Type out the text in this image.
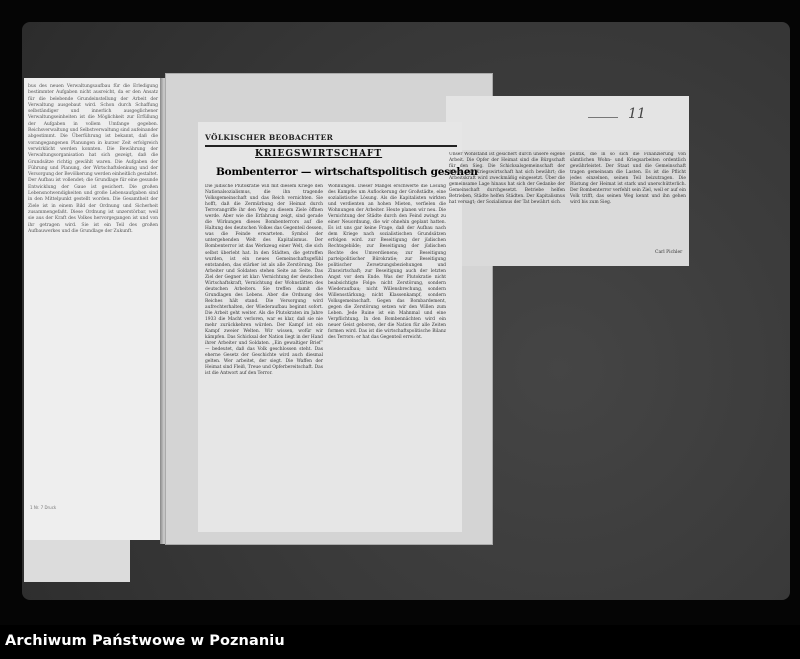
bus des neuen Verwaltungsaufbau für die Erledigung bestimmter Aufgaben nicht ausreicht, da er den Ansatz für die belebende Grundeinstellung der Arbeit der Verwaltung ausgebaut wird. Schon durch Schaffung selbständiger und innerlich ausgeglichener Verwaltungseinheiten ist die Möglichkeit zur Erfüllung der Aufgaben in vollem Umfange gegeben. Reichsverwaltung und Selbstverwaltung sind aufeinander abgestimmt. Die Überführung ist bekannt, daß die vorangegangenen Planungen in kurzer Zeit erfolgreich verwirklicht werden konnten. Die Bewährung der Verwaltungsorganisation hat sich gezeigt, daß die Grundsätze richtig gewählt waren. Die Aufgaben der Führung und Planung, der Wirtschaftslenkung und der Versorgung der Bevölkerung werden einheitlich gestaltet. Der Aufbau ist vollendet; die Grundlage für eine gesunde Entwicklung der Gaue ist gesichert. Die großen Lebensnotwendigkeiten und große Lebensaufgaben sind in den Mittelpunkt gestellt worden. Die Gesamtheit der Ziele ist in einem Bild der Ordnung und Sicherheit zusammengefaßt. Diese Ordnung ist unzerstörbar, weil sie aus der Kraft des Volkes hervorgegangen ist und von ihr getragen wird. Sie ist ein Teil des großen Aufbauwerkes und die Grundlage der Zukunft.
1 Nr. 7 Druck
11
VÖLKISCHER BEOBACHTER
KRIEGSWIRTSCHAFT
Bombenterror — wirtschaftspolitisch gesehen
Die jüdische Plutokratie will mit diesem Kriege den Nationalsozialismus, die ihn tragende Volksgemeinschaft und das Reich vernichten. Sie hofft, daß die Zermürbung der Heimat durch Terrorangriffe ihr den Weg zu diesem Ziele öffnen werde. Aber wie die Erfahrung zeigt, sind gerade die Wirkungen dieses Bombenterrors auf die Haltung des deutschen Volkes das Gegenteil dessen, was die Feinde erwarteten. Symbol der untergehenden Welt des Kapitalismus. Der Bombenterror ist das Werkzeug einer Welt, die sich selbst überlebt hat. In den Städten, die getroffen wurden, ist ein neues Gemeinschaftsgefühl entstanden, das stärker ist als alle Zerstörung. Die Arbeiter und Soldaten stehen Seite an Seite. Das Ziel der Gegner ist klar: Vernichtung der deutschen Wirtschaftskraft, Vernichtung der Wohnstätten des deutschen Arbeiters. Sie treffen damit die Grundlagen des Lebens. Aber die Ordnung des Reiches hält stand. Die Versorgung wird aufrechterhalten, der Wiederaufbau beginnt sofort. Die Arbeit geht weiter. Als die Plutokraten im Jahre 1933 die Macht verloren, war es klar, daß sie nie mehr zurückkehren würden. Der Kampf ist ein Kampf zweier Welten. Wir wissen, wofür wir kämpfen. Das Schicksal der Nation liegt in der Hand ihrer Arbeiter und Soldaten. „Ein gewaltiger Brief“ — bedeutet, daß das Volk geschlossen steht. Das eherne Gesetz der Geschichte wird auch diesmal gelten. Wer arbeitet, der siegt. Die Waffen der Heimat sind Fleiß, Treue und Opferbereitschaft. Das ist die Antwort auf den Terror.
Wohnungen. Dieser Mangel erschwerte die Lösung des Kampfes um Auflockerung der Großstädte, eine sozialistische Lösung. Als die Kapitalisten wirkten und verdienten an hohen Mieten, verfielen die Wohnungen der Arbeiter. Heute planen wir neu. Die Vernichtung der Städte durch den Feind zwingt zu einer Neuordnung, die wir ohnehin geplant hatten. Es ist uns gar keine Frage, daß der Aufbau nach dem Kriege nach sozialistischen Grundsätzen erfolgen wird. zur Beseitigung der jüdischen Rechtsgebilde; zur Beseitigung der jüdischen Rechte des Umverdienens; zur Beseitigung parteipolitischer Bürokratie; zur Beseitigung politischer Zersetzungsbeziehungen und Zinswirtschaft; zur Beseitigung auch der letzten Angst vor dem Ende. Was der Plutokratie nicht beabsichtigte Folge: nicht Zerstörung, sondern Wiederaufbau; nicht Willensbrechung, sondern Willensstärkung; nicht Klassenkampf, sondern Volksgemeinschaft. Gegen das Bombardement, gegen die Zerstörung setzen wir den Willen zum Leben. Jede Ruine ist ein Mahnmal und eine Verpflichtung. In den Bombennächten wird ein neuer Geist geboren, der die Nation für alle Zeiten formen wird. Das ist die wirtschaftspolitische Bilanz des Terrors: er hat das Gegenteil erreicht.
Unser Wohlstand ist gesichert durch unsere eigene Arbeit. Die Opfer der Heimat sind die Bürgschaft für den Sieg. Die Schicksalsgemeinschaft der Arbeit. Die Kriegswirtschaft hat sich bewährt; die Arbeitskraft wird zweckmäßig eingesetzt. Über die gemeinsame Lage hinaus hat sich der Gedanke der Gemeinschaft durchgesetzt. Betriebe helfen Betrieben, Städte helfen Städten. Der Kapitalismus hat versagt; der Sozialismus der Tat bewährt sich.
politik, die in so sich die Finanzierung von sämtlichen Wohn- und Kriegsarbeiten ordentlich gewährleistet. Der Staat und die Gemeinschaft tragen gemeinsam die Lasten. Es ist die Pflicht jedes einzelnen, seinen Teil beizutragen. Die Rüstung der Heimat ist stark und unerschütterlich. Der Bombenterror verfehlt sein Ziel, weil er auf ein Volk trifft, das seinen Weg kennt und ihn gehen wird bis zum Sieg.
Carl Pichler
Archiwum Państwowe w Poznaniu
